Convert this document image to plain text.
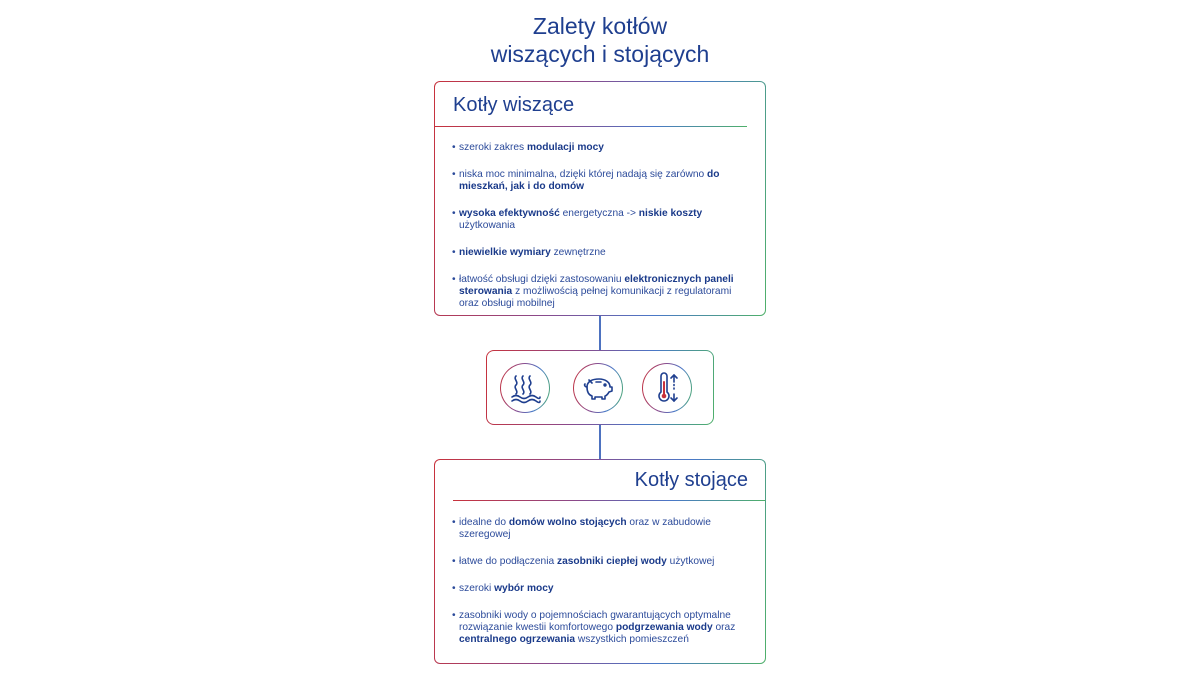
Zalety kotłów
wiszących i stojących
Kotły wiszące
• szeroki zakres modulacji mocy
• niska moc minimalna, dzięki której nadają się zarówno do mieszkań, jak i do domów
• wysoka efektywność energetyczna -> niskie koszty użytkowania
• niewielkie wymiary zewnętrzne
• łatwość obsługi dzięki zastosowaniu elektronicznych paneli sterowania z możliwością pełnej komunikacji z regulatorami oraz obsługi mobilnej
Kotły stojące
• idealne do domów wolno stojących oraz w zabudowie szeregowej
• łatwe do podłączenia zasobniki ciepłej wody użytkowej
• szeroki wybór mocy
• zasobniki wody o pojemnościach gwarantujących optymalne rozwiązanie kwestii komfortowego podgrzewania wody oraz centralnego ogrzewania wszystkich pomieszczeń
